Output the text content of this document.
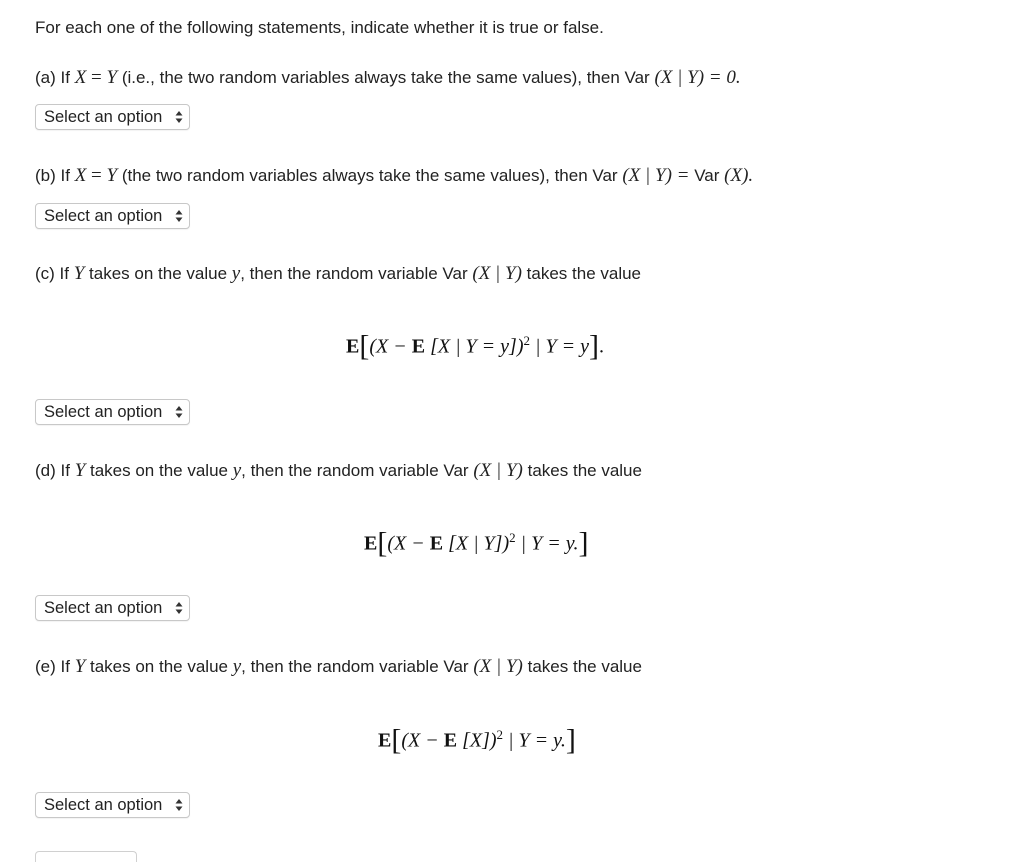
For each one of the following statements, indicate whether it is true or false.
(a) If X = Y (i.e., the two random variables always take the same values), then Var (X | Y) = 0.
Select an option
(b) If X = Y (the two random variables always take the same values), then Var (X | Y) = Var (X).
Select an option
(c) If Y takes on the value y, then the random variable Var (X | Y) takes the value
E[(X − E [X | Y = y])$^2$ | Y = y].
Select an option
(d) If Y takes on the value y, then the random variable Var (X | Y) takes the value
E[(X − E [X | Y])$^2$ | Y = y.]
Select an option
(e) If Y takes on the value y, then the random variable Var (X | Y) takes the value
E[(X − E [X])$^2$ | Y = y.]
Select an option
